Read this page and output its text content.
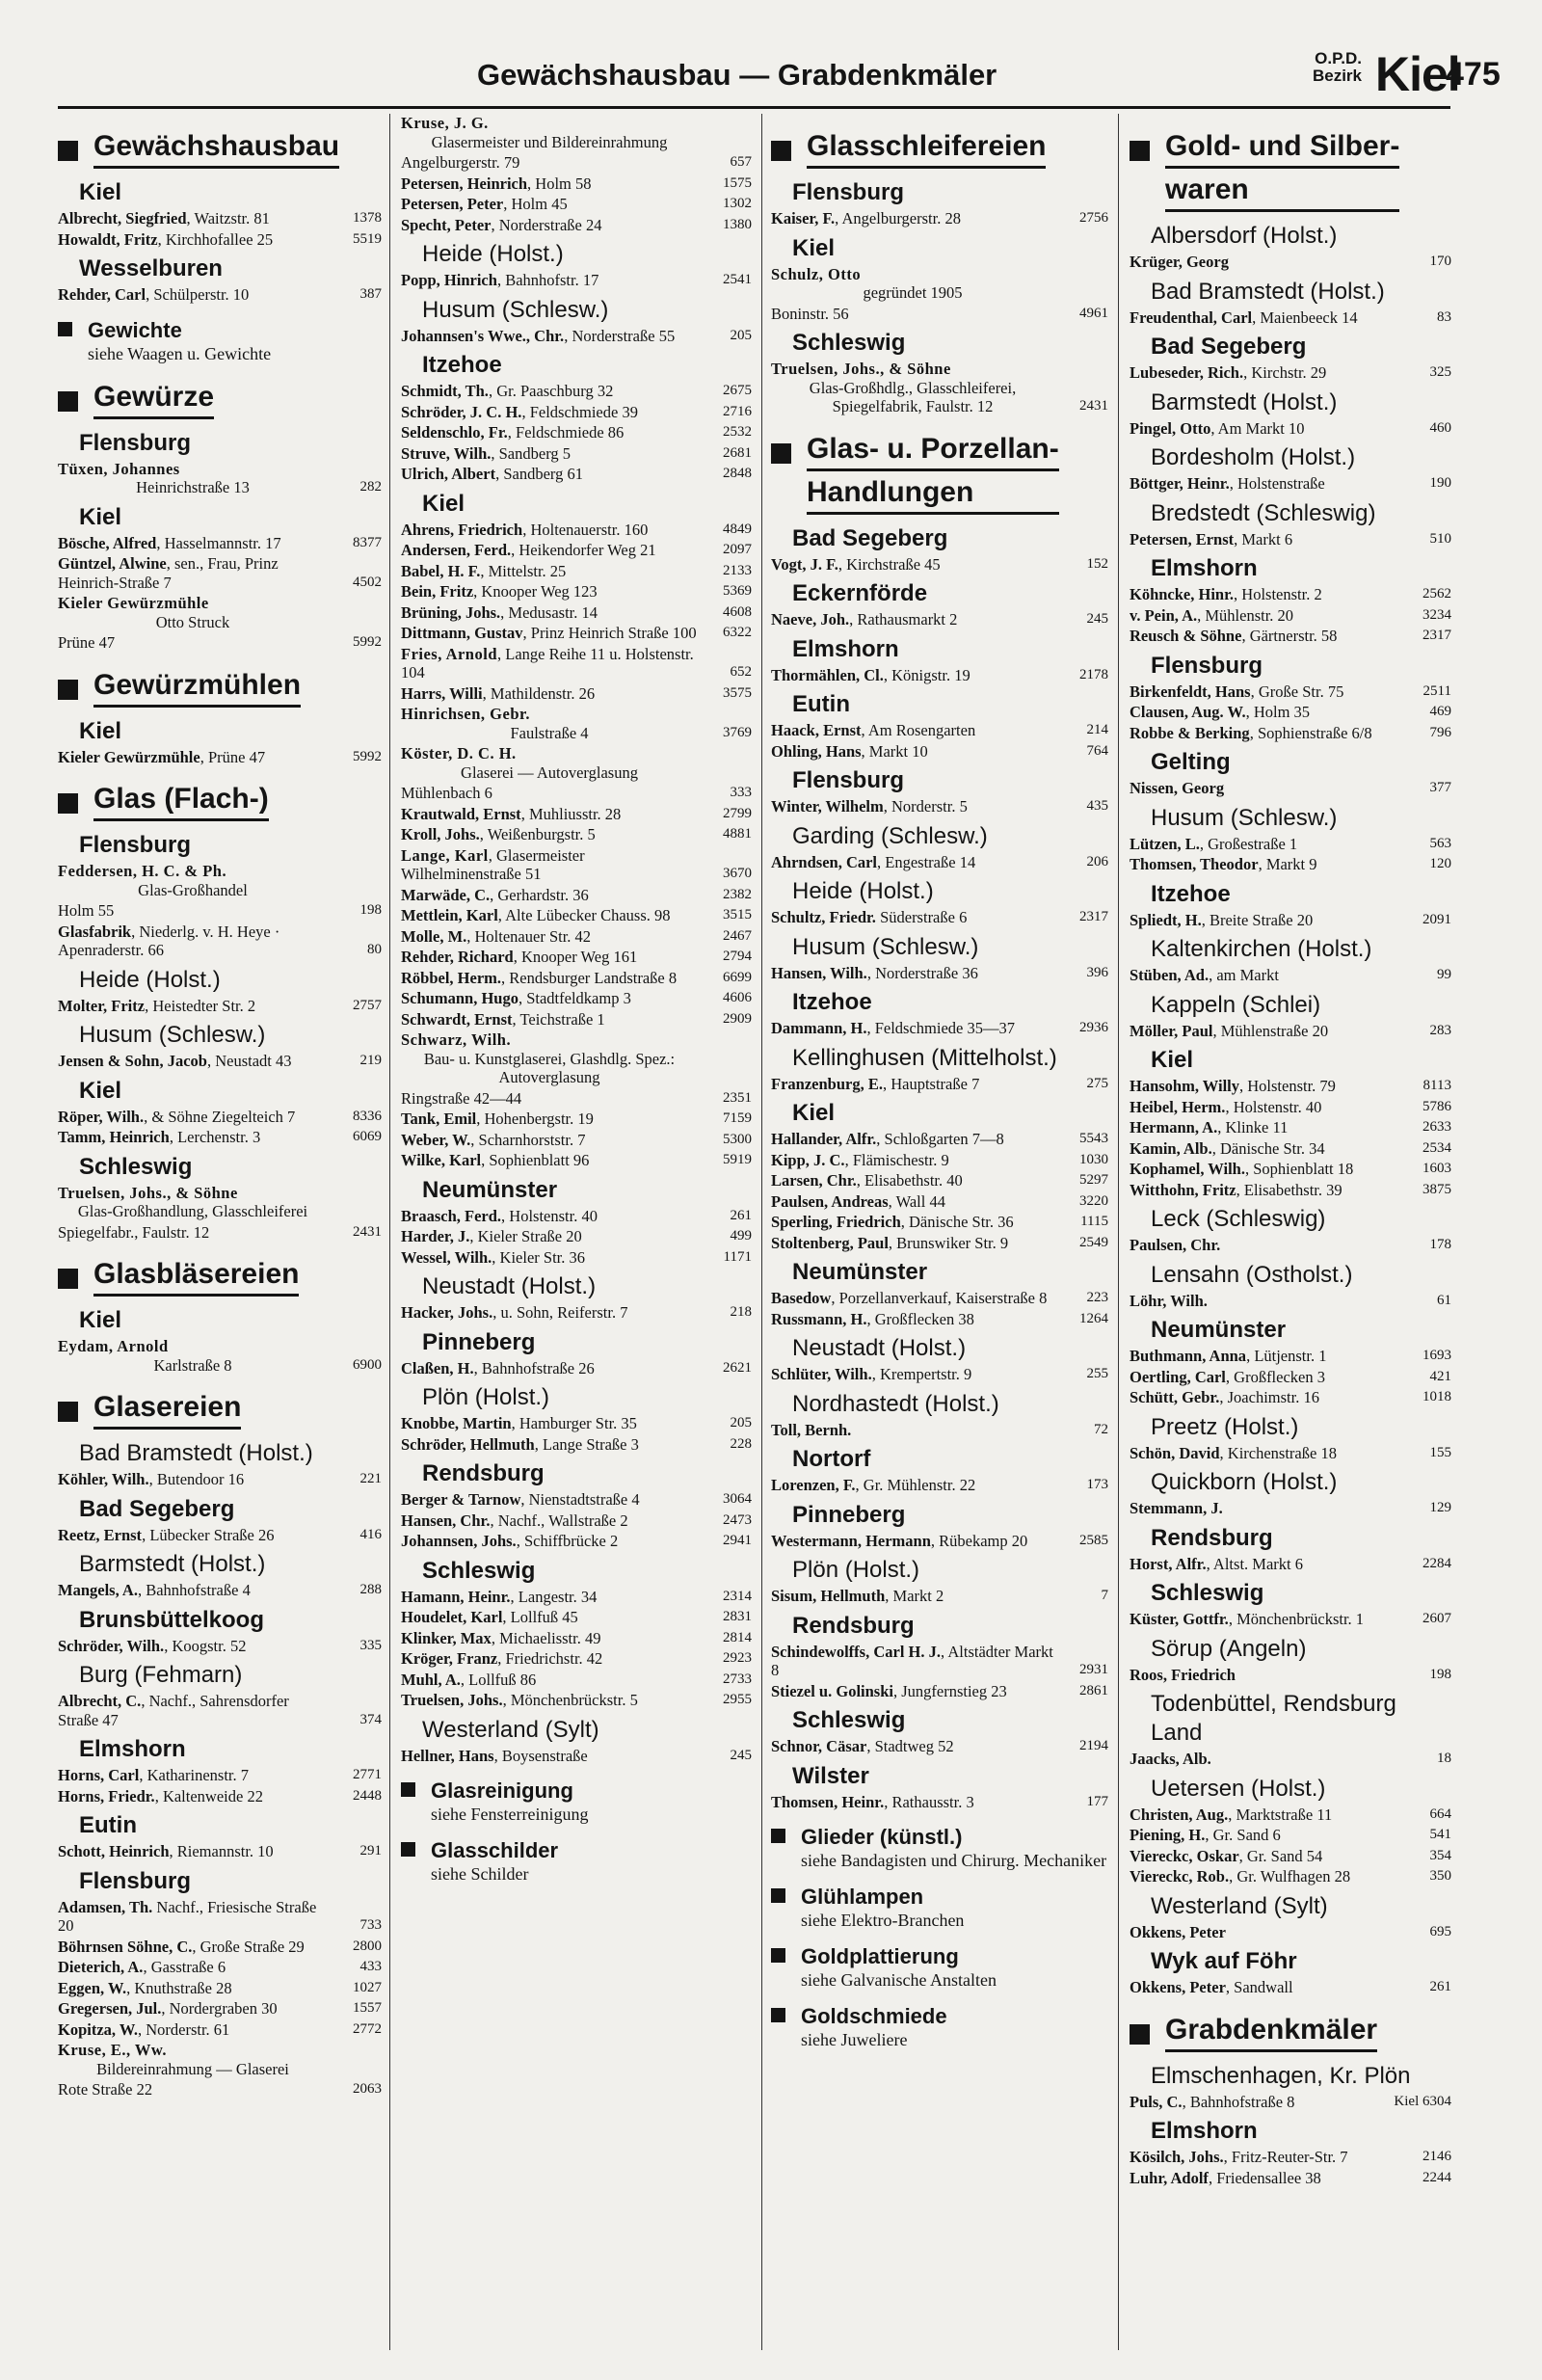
Gewächshausbau — Grabdenkmäler	O.P.D.
Bezirk Kiel
475
Gewächshausbau
Kiel
Albrecht, Siegfried, Waitzstr. 81	1378
Howaldt, Fritz, Kirchhofallee 25	5519
Wesselburen
Rehder, Carl, Schülperstr. 10	387
Gewichte
siehe Waagen u. Gewichte
Gewürze
Flensburg
Tüxen, Johannes
Heinrichstraße 13	282
Kiel
Bösche, Alfred, Hasselmannstr. 17	8377
Güntzel, Alwine, sen., Frau, Prinz Heinrich-Straße 7	4502
Kieler Gewürzmühle
Otto Struck
Prüne 47	5992
Gewürzmühlen
Kiel
Kieler Gewürzmühle, Prüne 47	5992
Glas (Flach-)
Flensburg
Feddersen, H. C. & Ph.
Glas-Großhandel
Holm 55	198
Glasfabrik, Niederlg. v. H. Heye · Apenraderstr. 66	80
Heide (Holst.)
Molter, Fritz, Heistedter Str. 2	2757
Husum (Schlesw.)
Jensen & Sohn, Jacob, Neustadt 43	219
Kiel
Röper, Wilh., & Söhne Ziegelteich 7	8336
Tamm, Heinrich, Lerchenstr. 3	6069
Schleswig
Truelsen, Johs., & Söhne
Glas-Großhandlung, Glasschleiferei
Spiegelfabr., Faulstr. 12	2431
Glasbläsereien
Kiel
Eydam, Arnold
Karlstraße 8	6900
Glasereien
Bad Bramstedt (Holst.)
Köhler, Wilh., Butendoor 16	221
Bad Segeberg
Reetz, Ernst, Lübecker Straße 26	416
Barmstedt (Holst.)
Mangels, A., Bahnhofstraße 4	288
Brunsbüttelkoog
Schröder, Wilh., Koogstr. 52	335
Burg (Fehmarn)
Albrecht, C., Nachf., Sahrensdorfer Straße 47	374
Elmshorn
Horns, Carl, Katharinenstr. 7	2771
Horns, Friedr., Kaltenweide 22	2448
Eutin
Schott, Heinrich, Riemannstr. 10	291
Flensburg
Adamsen, Th. Nachf., Friesische Straße 20	733
Böhrnsen Söhne, C., Große Straße 29	2800
Dieterich, A., Gasstraße 6	433
Eggen, W., Knuthstraße 28	1027
Gregersen, Jul., Nordergraben 30	1557
Kopitza, W., Norderstr. 61	2772
Kruse, E., Ww.
Bildereinrahmung — Glaserei
Rote Straße 22	2063
Kruse, J. G.
Glasermeister und Bildereinrahmung
Angelburgerstr. 79	657
Petersen, Heinrich, Holm 58	1575
Petersen, Peter, Holm 45	1302
Specht, Peter, Norderstraße 24	1380
Heide (Holst.)
Popp, Hinrich, Bahnhofstr. 17	2541
Husum (Schlesw.)
Johannsen's Wwe., Chr., Norderstraße 55	205
Itzehoe
Schmidt, Th., Gr. Paaschburg 32	2675
Schröder, J. C. H., Feldschmiede 39	2716
Seldenschlo, Fr., Feldschmiede 86	2532
Struve, Wilh., Sandberg 5	2681
Ulrich, Albert, Sandberg 61	2848
Kiel
Ahrens, Friedrich, Holtenauerstr. 160	4849
Andersen, Ferd., Heikendorfer Weg 21	2097
Babel, H. F., Mittelstr. 25	2133
Bein, Fritz, Knooper Weg 123	5369
Brüning, Johs., Medusastr. 14	4608
Dittmann, Gustav, Prinz Heinrich Straße 100 6322
Fries, Arnold, Lange Reihe 11 u. Holstenstr. 104	652
Harrs, Willi, Mathildenstr. 26	3575
Hinrichsen, Gebr.
Faulstraße 4	3769
Köster, D. C. H.
Glaserei — Autoverglasung
Mühlenbach 6	333
Krautwald, Ernst, Muhliusstr. 28	2799
Kroll, Johs., Weißenburgstr. 5	4881
Lange, Karl, Glasermeister Wilhelminenstraße 51	3670
Marwäde, C., Gerhardstr. 36	2382
Mettlein, Karl, Alte Lübecker Chauss. 98	3515
Molle, M., Holtenauer Str. 42	2467
Rehder, Richard, Knooper Weg 161	2794
Röbbel, Herm., Rendsburger Landstraße 8	6699
Schumann, Hugo, Stadtfeldkamp 3	4606
Schwardt, Ernst, Teichstraße 1	2909
Schwarz, Wilh.
Bau- u. Kunstglaserei, Glashdlg. Spez.: Autoverglasung
Ringstraße 42—44	2351
Tank, Emil, Hohenbergstr. 19	7159
Weber, W., Scharnhorststr. 7	5300
Wilke, Karl, Sophienblatt 96	5919
Neumünster
Braasch, Ferd., Holstenstr. 40	261
Harder, J., Kieler Straße 20	499
Wessel, Wilh., Kieler Str. 36	1171
Neustadt (Holst.)
Hacker, Johs., u. Sohn, Reiferstr. 7	218
Pinneberg
Claßen, H., Bahnhofstraße 26	2621
Plön (Holst.)
Knobbe, Martin, Hamburger Str. 35	205
Schröder, Hellmuth, Lange Straße 3	228
Rendsburg
Berger & Tarnow, Nienstadtstraße 4	3064
Hansen, Chr., Nachf., Wallstraße 2	2473
Johannsen, Johs., Schiffbrücke 2	2941
Schleswig
Hamann, Heinr., Langestr. 34	2314
Houdelet, Karl, Lollfuß 45	2831
Klinker, Max, Michaelisstr. 49	2814
Kröger, Franz, Friedrichstr. 42	2923
Muhl, A., Lollfuß 86	2733
Truelsen, Johs., Mönchenbrückstr. 5	2955
Westerland (Sylt)
Hellner, Hans, Boysenstraße	245
Glasreinigung
siehe Fensterreinigung
Glasschilder
siehe Schilder
Glasschleifereien
Flensburg
Kaiser, F., Angelburgerstr. 28	2756
Kiel
Schulz, Otto
gegründet 1905
Boninstr. 56	4961
Schleswig
Truelsen, Johs., & Söhne
Glas-Großhdlg., Glasschleiferei, Spiegelfabrik, Faulstr. 12	2431
Glas- u. Porzellan-
Handlungen
Bad Segeberg
Vogt, J. F., Kirchstraße 45	152
Eckernförde
Naeve, Joh., Rathausmarkt 2	245
Elmshorn
Thormählen, Cl., Königstr. 19	2178
Eutin
Haack, Ernst, Am Rosengarten	214
Ohling, Hans, Markt 10	764
Flensburg
Winter, Wilhelm, Norderstr. 5	435
Garding (Schlesw.)
Ahrndsen, Carl, Engestraße 14	206
Heide (Holst.)
Schultz, Friedr. Süderstraße 6	2317
Husum (Schlesw.)
Hansen, Wilh., Norderstraße 36	396
Itzehoe
Dammann, H., Feldschmiede 35—37	2936
Kellinghusen (Mittelholst.)
Franzenburg, E., Hauptstraße 7	275
Kiel
Hallander, Alfr., Schloßgarten 7—8	5543
Kipp, J. C., Flämischestr. 9	1030
Larsen, Chr., Elisabethstr. 40	5297
Paulsen, Andreas, Wall 44	3220
Sperling, Friedrich, Dänische Str. 36	1115
Stoltenberg, Paul, Brunswiker Str. 9	2549
Neumünster
Basedow, Porzellanverkauf, Kaiserstraße 8	223
Russmann, H., Großflecken 38	1264
Neustadt (Holst.)
Schlüter, Wilh., Krempertstr. 9	255
Nordhastedt (Holst.)
Toll, Bernh.	72
Nortorf
Lorenzen, F., Gr. Mühlenstr. 22	173
Pinneberg
Westermann, Hermann, Rübekamp 20	2585
Plön (Holst.)
Sisum, Hellmuth, Markt 2	7
Rendsburg
Schindewolffs, Carl H. J., Altstädter Markt 8	2931
Stiezel u. Golinski, Jungfernstieg 23	2861
Schleswig
Schnor, Cäsar, Stadtweg 52	2194
Wilster
Thomsen, Heinr., Rathausstr. 3	177
Glieder (künstl.)
siehe Bandagisten und Chirurg. Mechaniker
Glühlampen
siehe Elektro-Branchen
Goldplattierung
siehe Galvanische Anstalten
Goldschmiede
siehe Juweliere
Gold- und Silber-
waren
Albersdorf (Holst.)
Krüger, Georg	170
Bad Bramstedt (Holst.)
Freudenthal, Carl, Maienbeeck 14	83
Bad Segeberg
Lubeseder, Rich., Kirchstr. 29	325
Barmstedt (Holst.)
Pingel, Otto, Am Markt 10	460
Bordesholm (Holst.)
Böttger, Heinr., Holstenstraße	190
Bredstedt (Schleswig)
Petersen, Ernst, Markt 6	510
Elmshorn
Köhncke, Hinr., Holstenstr. 2	2562
v. Pein, A., Mühlenstr. 20	3234
Reusch & Söhne, Gärtnerstr. 58	2317
Flensburg
Birkenfeldt, Hans, Große Str. 75	2511
Clausen, Aug. W., Holm 35	469
Robbe & Berking, Sophienstraße 6/8	796
Gelting
Nissen, Georg	377
Husum (Schlesw.)
Lützen, L., Großestraße 1	563
Thomsen, Theodor, Markt 9	120
Itzehoe
Spliedt, H., Breite Straße 20	2091
Kaltenkirchen (Holst.)
Stüben, Ad., am Markt	99
Kappeln (Schlei)
Möller, Paul, Mühlenstraße 20	283
Kiel
Hansohm, Willy, Holstenstr. 79	8113
Heibel, Herm., Holstenstr. 40	5786
Hermann, A., Klinke 11	2633
Kamin, Alb., Dänische Str. 34	2534
Kophamel, Wilh., Sophienblatt 18	1603
Witthohn, Fritz, Elisabethstr. 39	3875
Leck (Schleswig)
Paulsen, Chr.	178
Lensahn (Ostholst.)
Löhr, Wilh.	61
Neumünster
Buthmann, Anna, Lütjenstr. 1	1693
Oertling, Carl, Großflecken 3	421
Schütt, Gebr., Joachimstr. 16	1018
Preetz (Holst.)
Schön, David, Kirchenstraße 18	155
Quickborn (Holst.)
Stemmann, J.	129
Rendsburg
Horst, Alfr., Altst. Markt 6	2284
Schleswig
Küster, Gottfr., Mönchenbrückstr. 1	2607
Sörup (Angeln)
Roos, Friedrich	198
Todenbüttel, Rendsburg Land
Jaacks, Alb.	18
Uetersen (Holst.)
Christen, Aug., Marktstraße 11	664
Piening, H., Gr. Sand 6	541
Viereckc, Oskar, Gr. Sand 54	354
Viereckc, Rob., Gr. Wulfhagen 28	350
Westerland (Sylt)
Okkens, Peter	695
Wyk auf Föhr
Okkens, Peter, Sandwall	261
Grabdenkmäler
Elmschenhagen, Kr. Plön
Puls, C., Bahnhofstraße 8	Kiel 6304
Elmshorn
Kösilch, Johs., Fritz-Reuter-Str. 7	2146
Luhr, Adolf, Friedensallee 38	2244
